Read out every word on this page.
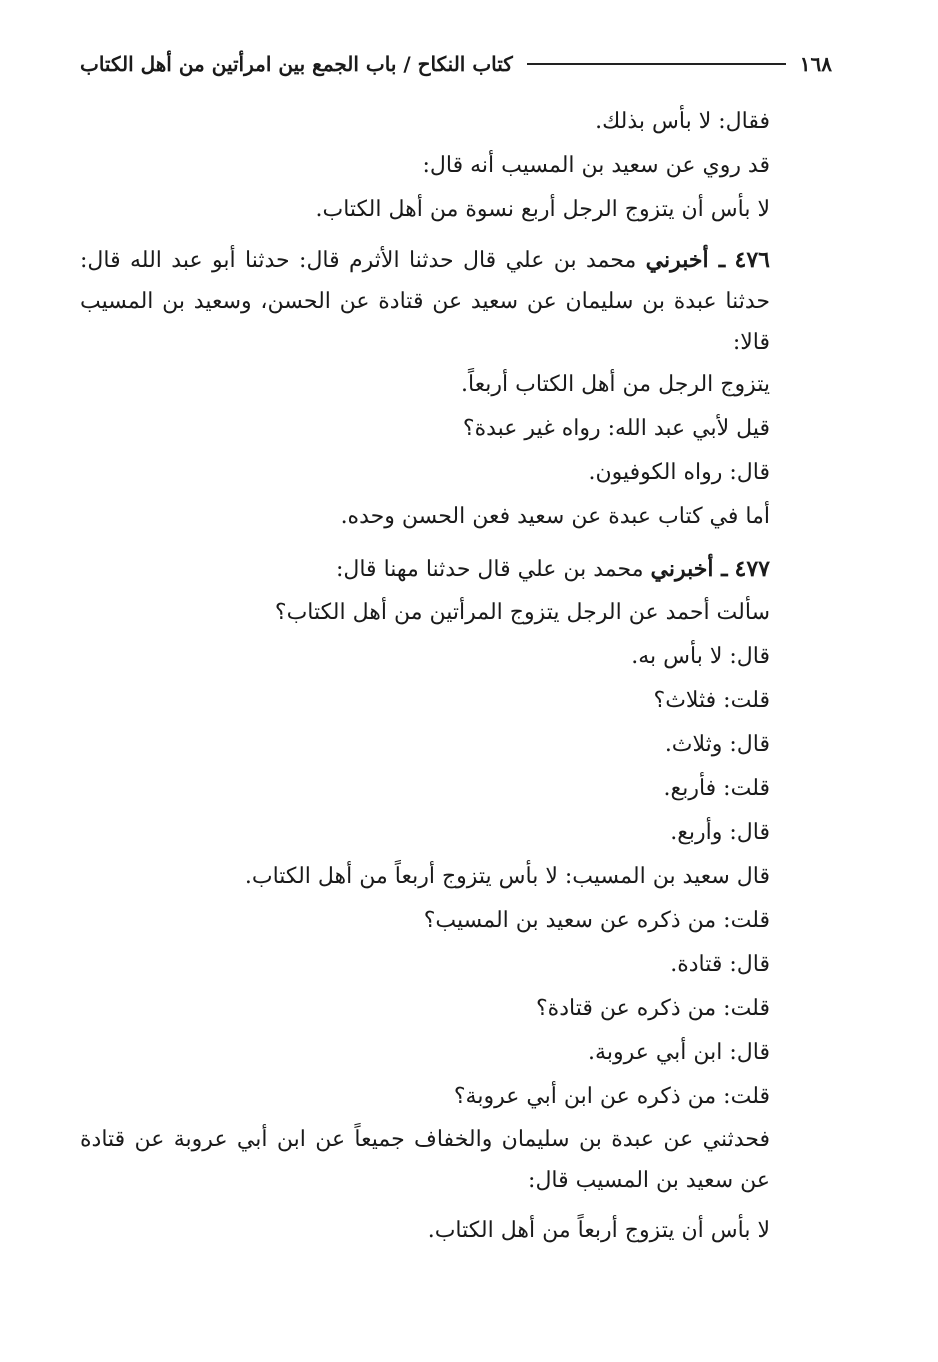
١٦٨
كتاب النكاح / باب الجمع بين امرأتين من أهل الكتاب
فقال: لا بأس بذلك.
قد روي عن سعيد بن المسيب أنه قال:
لا بأس أن يتزوج الرجل أربع نسوة من أهل الكتاب.
٤٧٦ ـ أخبرني محمد بن علي قال حدثنا الأثرم قال: حدثنا أبو عبد الله قال: حدثنا عبدة بن سليمان عن سعيد عن قتادة عن الحسن، وسعيد بن المسيب قالا:
يتزوج الرجل من أهل الكتاب أربعاً.
قيل لأبي عبد الله: رواه غير عبدة؟
قال: رواه الكوفيون.
أما في كتاب عبدة عن سعيد فعن الحسن وحده.
٤٧٧ ـ أخبرني محمد بن علي قال حدثنا مهنا قال:
سألت أحمد عن الرجل يتزوج المرأتين من أهل الكتاب؟
قال: لا بأس به.
قلت: فثلاث؟
قال: وثلاث.
قلت: فأربع.
قال: وأربع.
قال سعيد بن المسيب: لا بأس يتزوج أربعاً من أهل الكتاب.
قلت: من ذكره عن سعيد بن المسيب؟
قال: قتادة.
قلت: من ذكره عن قتادة؟
قال: ابن أبي عروبة.
قلت: من ذكره عن ابن أبي عروبة؟
فحدثني عن عبدة بن سليمان والخفاف جميعاً عن ابن أبي عروبة عن قتادة عن سعيد بن المسيب قال:
لا بأس أن يتزوج أربعاً من أهل الكتاب.
